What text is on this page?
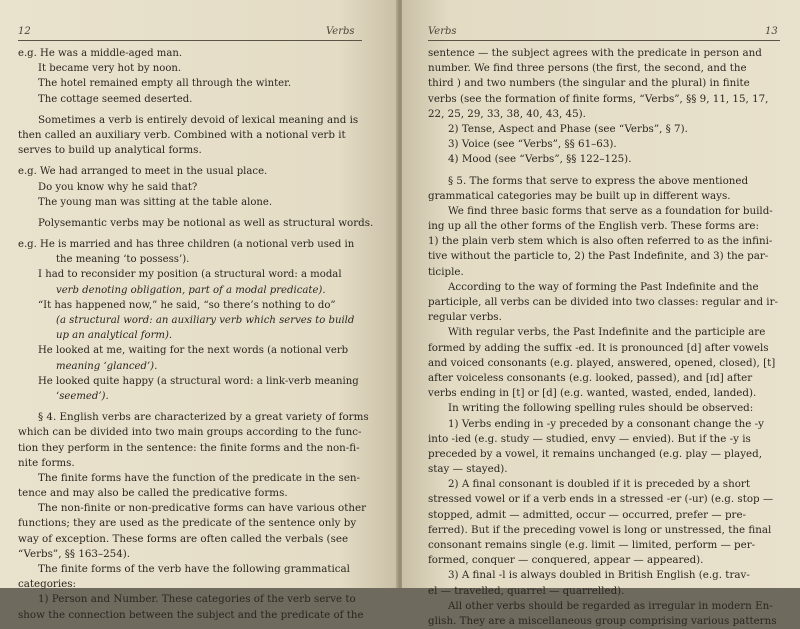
12	Verbs
e.g. He was a middle-aged man.
It became very hot by noon.
The hotel remained empty all through the winter.
The cottage seemed deserted.
Sometimes a verb is entirely devoid of lexical meaning and is
then called an auxiliary verb. Combined with a notional verb it
serves to build up analytical forms.
e.g. We had arranged to meet in the usual place.
Do you know why he said that?
The young man was sitting at the table alone.
Polysemantic verbs may be notional as well as structural words.
e.g. He is married and has three children (a notional verb used in
the meaning ‘to possess’).
I had to reconsider my position (a structural word: a modal
verb denoting obligation, part of a modal predicate).
“It has happened now,” he said, “so there’s nothing to do”
(a structural word: an auxiliary verb which serves to build
up an analytical form).
He looked at me, waiting for the next words (a notional verb
meaning ‘glanced’).
He looked quite happy (a structural word: a link-verb meaning
‘seemed’).
§ 4. English verbs are characterized by a great variety of forms
which can be divided into two main groups according to the func-
tion they perform in the sentence: the finite forms and the non-fi-
nite forms.
The finite forms have the function of the predicate in the sen-
tence and may also be called the predicative forms.
The non-finite or non-predicative forms can have various other
functions; they are used as the predicate of the sentence only by
way of exception. These forms are often called the verbals (see
“Verbs”, §§ 163–254).
The finite forms of the verb have the following grammatical
categories:
1) Person and Number. These categories of the verb serve to
show the connection between the subject and the predicate of the
Verbs	13
sentence — the subject agrees with the predicate in person and
number. We find three persons (the first, the second, and the
third ) and two numbers (the singular and the plural) in finite
verbs (see the formation of finite forms, “Verbs”, §§ 9, 11, 15, 17,
22, 25, 29, 33, 38, 40, 43, 45).
2) Tense, Aspect and Phase (see “Verbs”, § 7).
3) Voice (see “Verbs”, §§ 61–63).
4) Mood (see “Verbs”, §§ 122–125).
§ 5. The forms that serve to express the above mentioned
grammatical categories may be built up in different ways.
We find three basic forms that serve as a foundation for build-
ing up all the other forms of the English verb. These forms are:
1) the plain verb stem which is also often referred to as the infini-
tive without the particle to, 2) the Past Indefinite, and 3) the par-
ticiple.
According to the way of forming the Past Indefinite and the
participle, all verbs can be divided into two classes: regular and ir-
regular verbs.
With regular verbs, the Past Indefinite and the participle are
formed by adding the suffix -ed. It is pronounced [d] after vowels
and voiced consonants (e.g. played, answered, opened, closed), [t]
after voiceless consonants (e.g. looked, passed), and [ɪd] after
verbs ending in [t] or [d] (e.g. wanted, wasted, ended, landed).
In writing the following spelling rules should be observed:
1) Verbs ending in -y preceded by a consonant change the -y
into -ied (e.g. study — studied, envy — envied). But if the -y is
preceded by a vowel, it remains unchanged (e.g. play — played,
stay — stayed).
2) A final consonant is doubled if it is preceded by a short
stressed vowel or if a verb ends in a stressed -er (-ur) (e.g. stop —
stopped, admit — admitted, occur — occurred, prefer — pre-
ferred). But if the preceding vowel is long or unstressed, the final
consonant remains single (e.g. limit — limited, perform — per-
formed, conquer — conquered, appear — appeared).
3) A final -l is always doubled in British English (e.g. trav-
el — travelled, quarrel — quarrelled).
All other verbs should be regarded as irregular in modern En-
glish. They are a miscellaneous group comprising various patterns
